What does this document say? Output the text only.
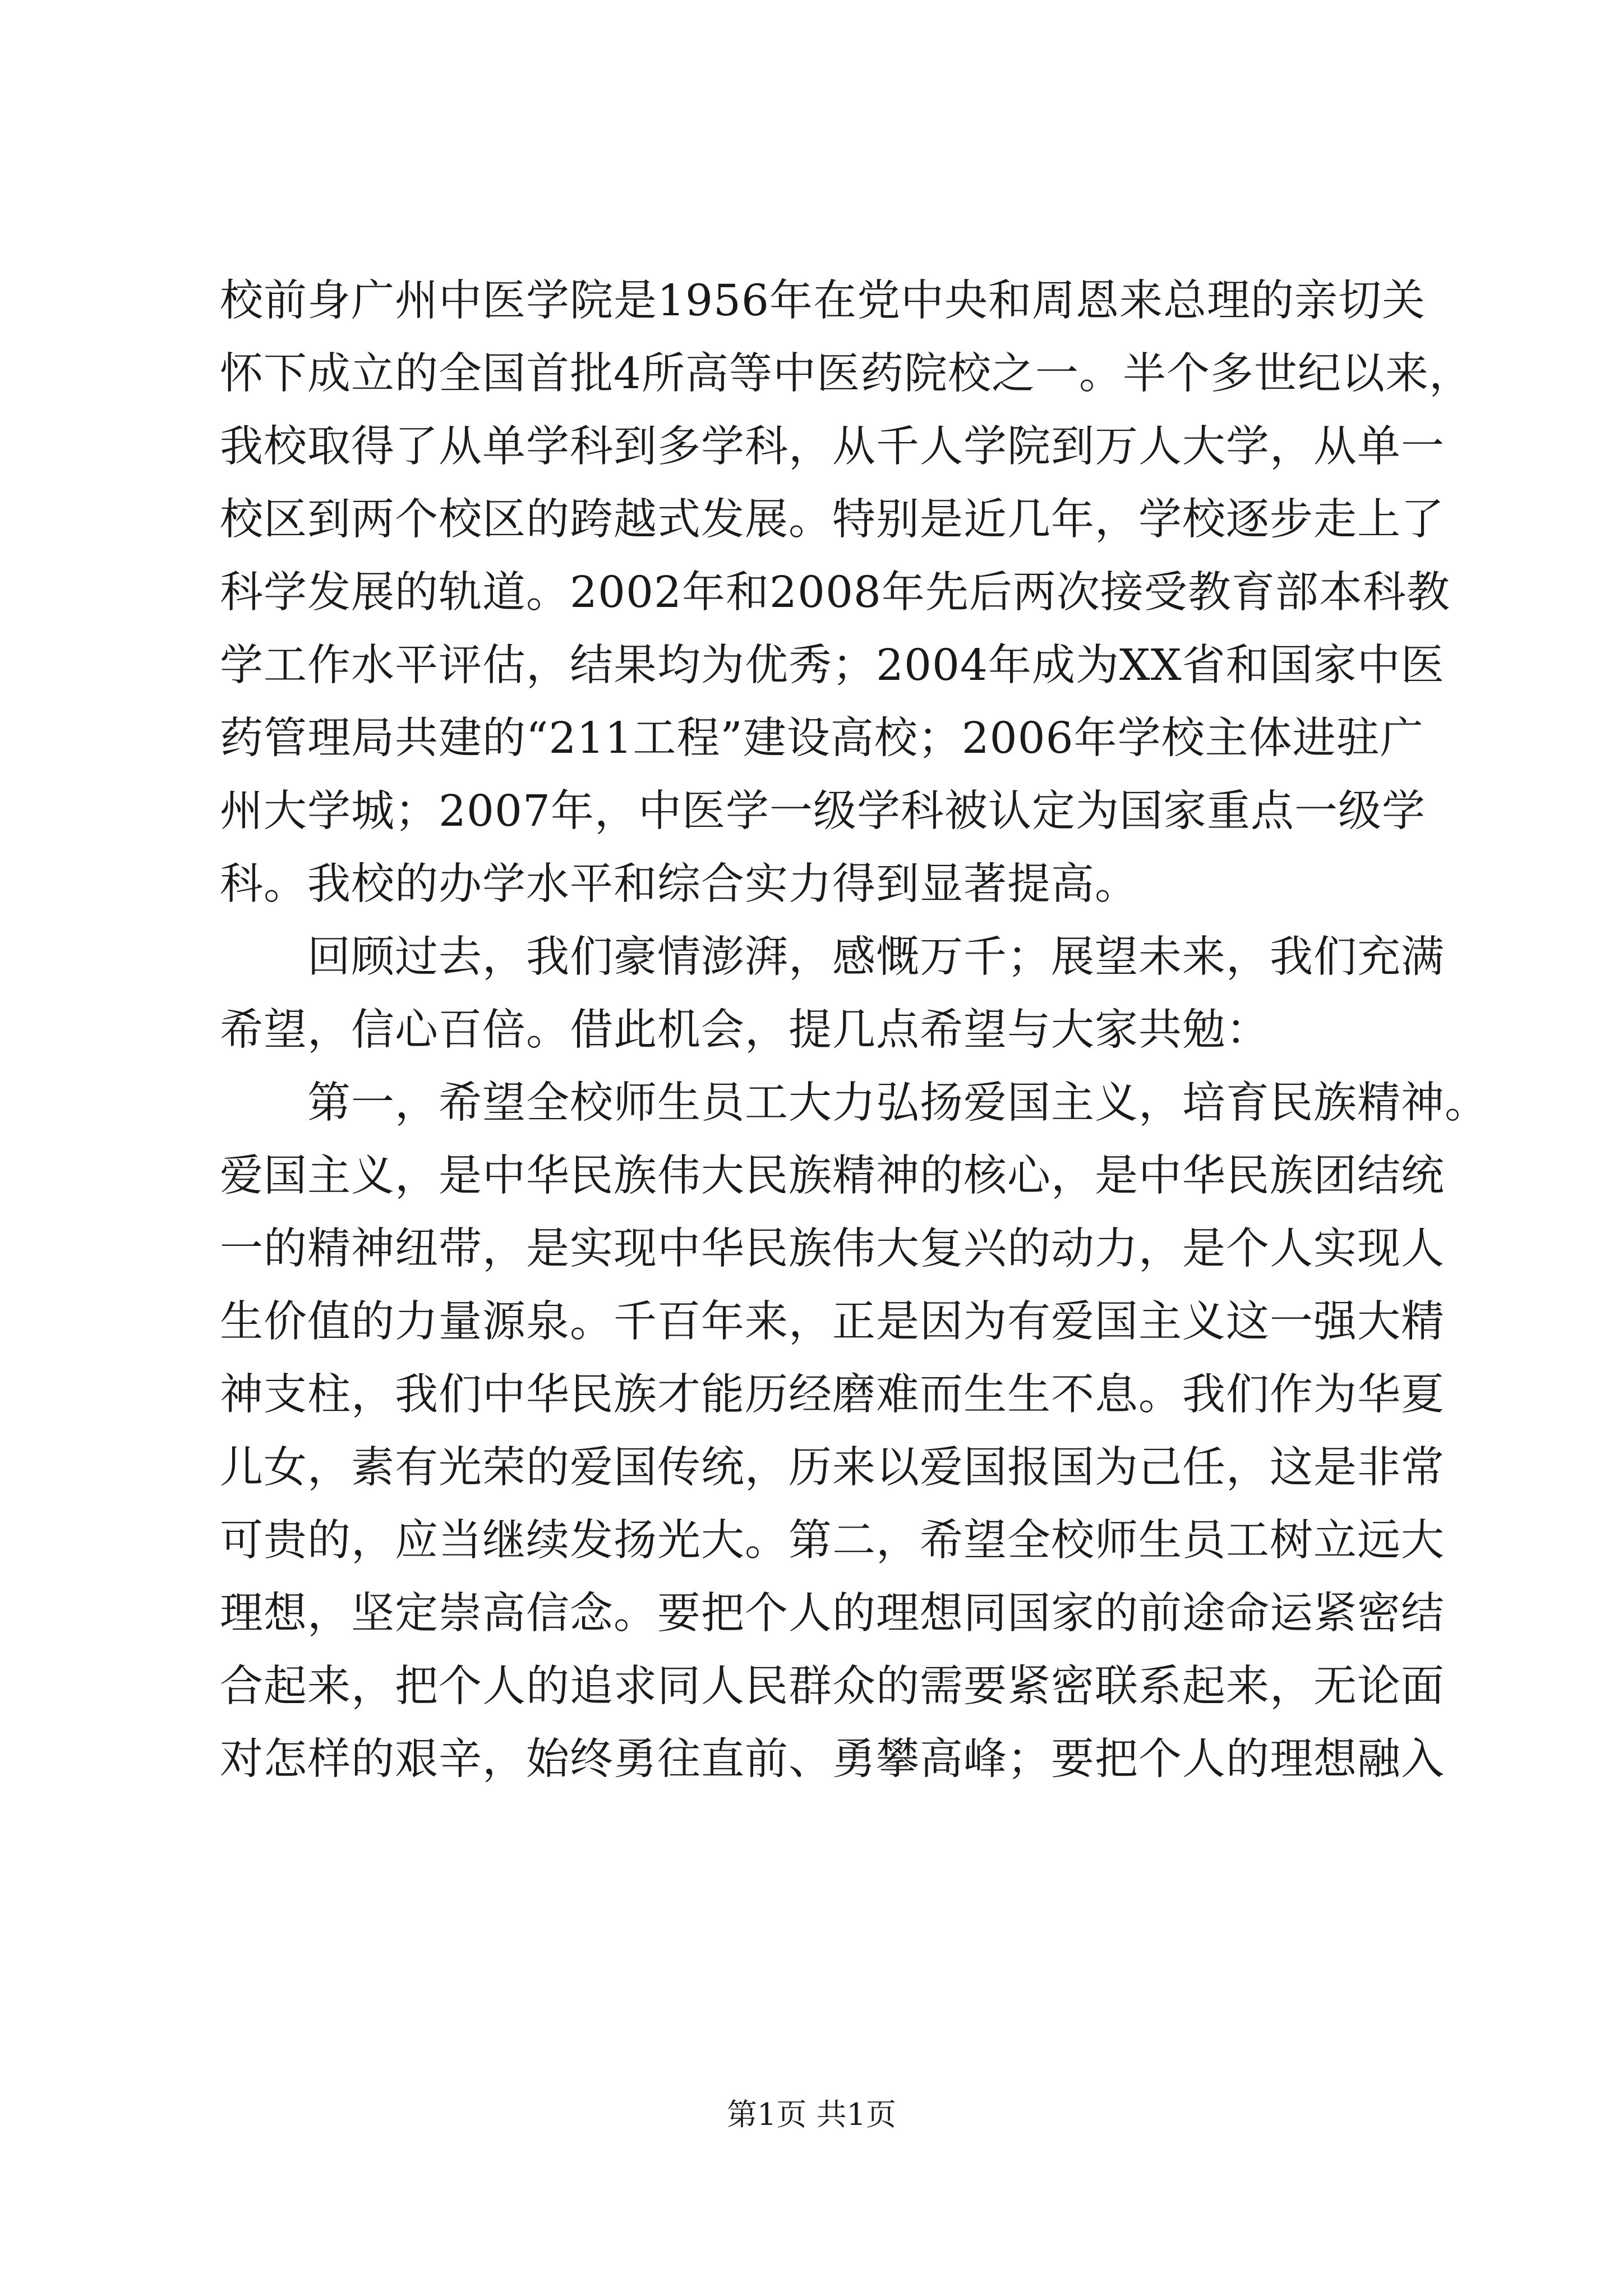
校前身广州中医学院是1956年在党中央和周恩来总理的亲切关
怀下成立的全国首批4所高等中医药院校之一。半个多世纪以来，
我校取得了从单学科到多学科，从千人学院到万人大学，从单一
校区到两个校区的跨越式发展。特别是近几年，学校逐步走上了
科学发展的轨道。2002年和2008年先后两次接受教育部本科教
学工作水平评估，结果均为优秀；2004年成为XX省和国家中医
药管理局共建的“211工程”建设高校；2006年学校主体进驻广
州大学城；2007年，中医学一级学科被认定为国家重点一级学
科。我校的办学水平和综合实力得到显著提高。
　　回顾过去，我们豪情澎湃，感慨万千；展望未来，我们充满
希望，信心百倍。借此机会，提几点希望与大家共勉：
　　第一，希望全校师生员工大力弘扬爱国主义，培育民族精神。
爱国主义，是中华民族伟大民族精神的核心，是中华民族团结统
一的精神纽带，是实现中华民族伟大复兴的动力，是个人实现人
生价值的力量源泉。千百年来，正是因为有爱国主义这一强大精
神支柱，我们中华民族才能历经磨难而生生不息。我们作为华夏
儿女，素有光荣的爱国传统，历来以爱国报国为己任，这是非常
可贵的，应当继续发扬光大。第二，希望全校师生员工树立远大
理想，坚定崇高信念。要把个人的理想同国家的前途命运紧密结
合起来，把个人的追求同人民群众的需要紧密联系起来，无论面
对怎样的艰辛，始终勇往直前、勇攀高峰；要把个人的理想融入
第1页 共1页
